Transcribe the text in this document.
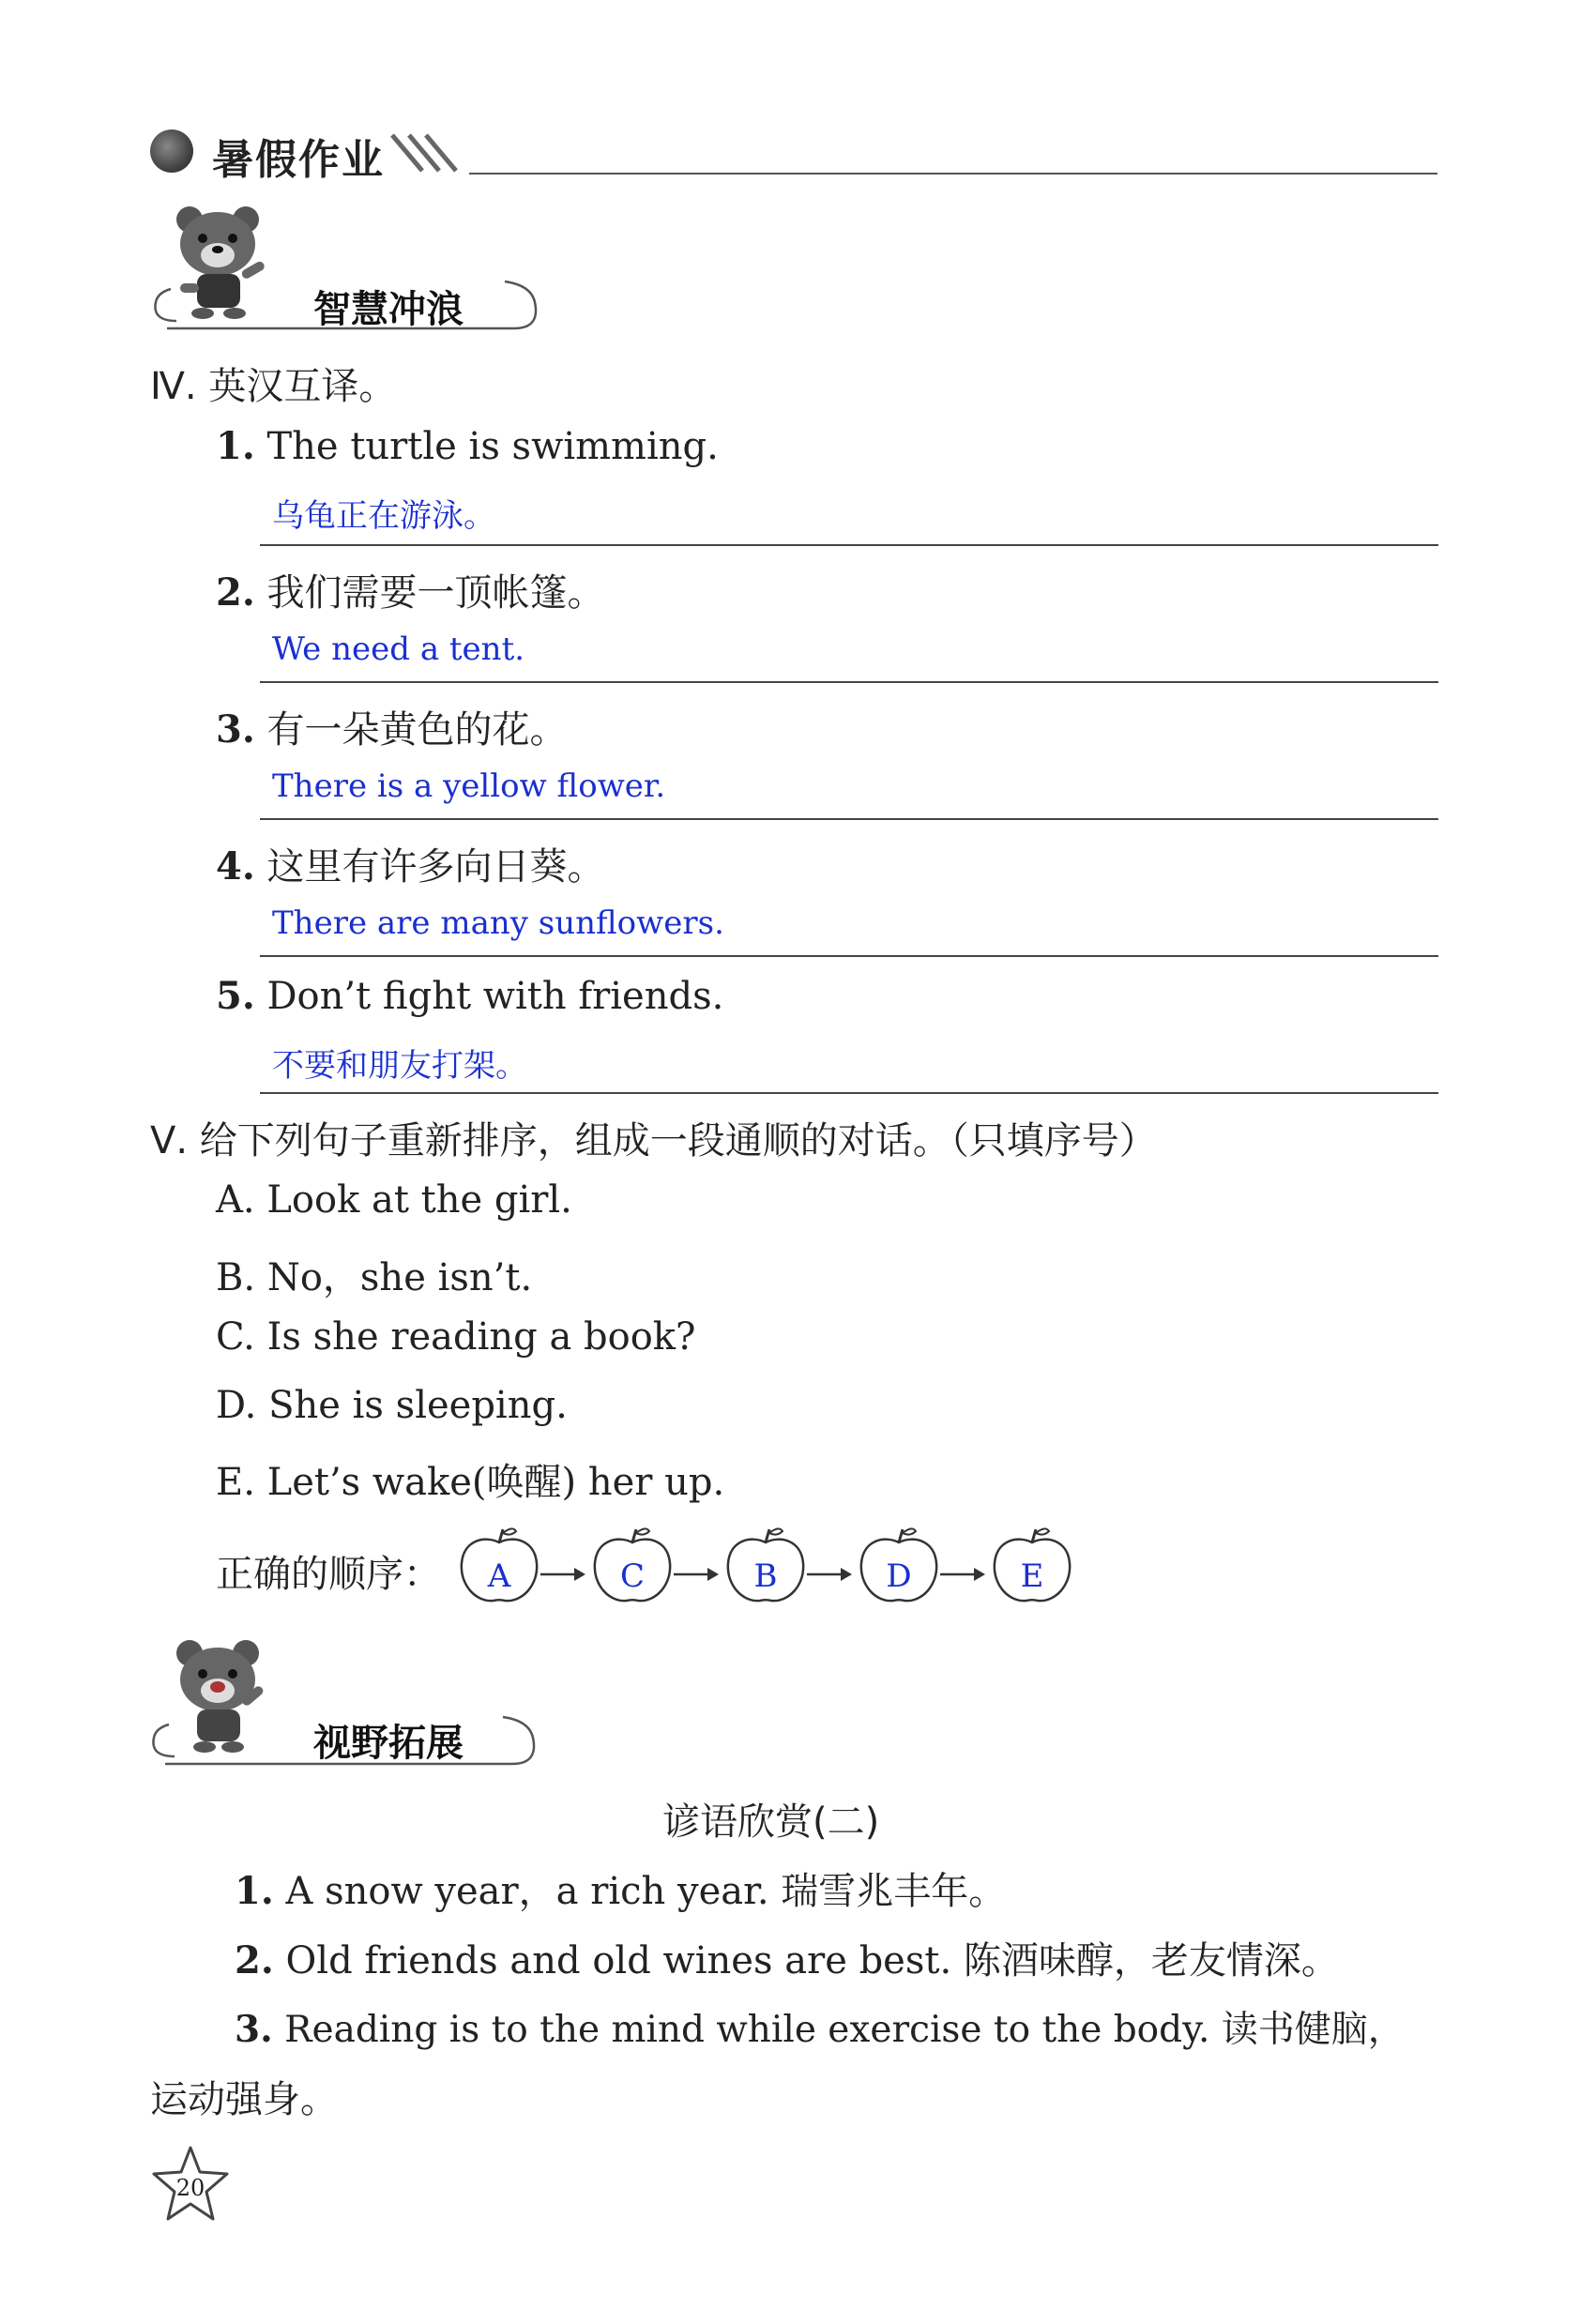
暑假作业
智慧冲浪
Ⅳ. 英汉互译。
1. The turtle is swimming.
乌龟正在游泳。
2. 我们需要一顶帐篷。
We need a tent.
3. 有一朵黄色的花。
There is a yellow flower.
4. 这里有许多向日葵。
There are many sunflowers.
5. Don’t fight with friends.
不要和朋友打架。
Ⅴ. 给下列句子重新排序，组成一段通顺的对话。（只填序号）
A. Look at the girl.
B. No，she isn’t.
C. Is she reading a book?
D. She is sleeping.
E. Let’s wake(唤醒) her up.
正确的顺序：	A	C	B	D	E
视野拓展
谚语欣赏(二)
1. A snow year，a rich year. 瑞雪兆丰年。
2. Old friends and old wines are best. 陈酒味醇，老友情深。
3. Reading is to the mind while exercise to the body. 读书健脑，
运动强身。
20
